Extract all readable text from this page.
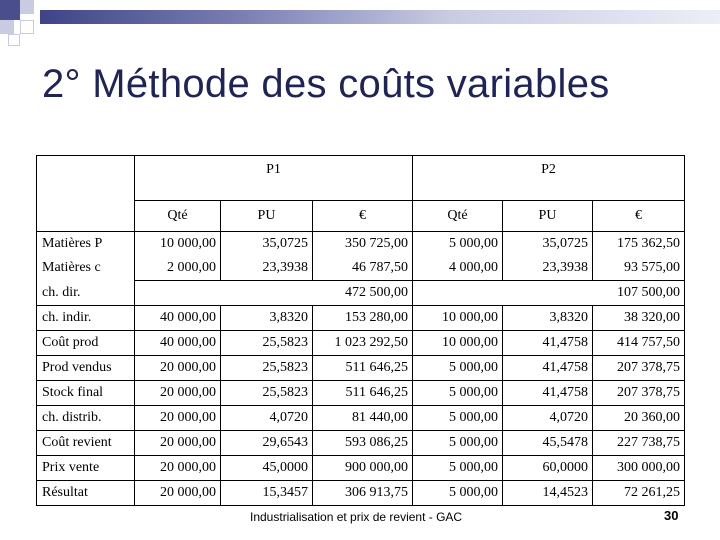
2° Méthode des coûts variables
	P1			P2		
	Qté	PU	€	Qté	PU	€
Matières P	10 000,00	35,0725	350 725,00	5 000,00	35,0725	175 362,50
Matières c	2 000,00	23,3938	46 787,50	4 000,00	23,3938	93 575,00
ch. dir.			472 500,00			107 500,00
ch. indir.	40 000,00	3,8320	153 280,00	10 000,00	3,8320	38 320,00
Coût prod	40 000,00	25,5823	1 023 292,50	10 000,00	41,4758	414 757,50
Prod vendus	20 000,00	25,5823	511 646,25	5 000,00	41,4758	207 378,75
Stock final	20 000,00	25,5823	511 646,25	5 000,00	41,4758	207 378,75
ch. distrib.	20 000,00	4,0720	81 440,00	5 000,00	4,0720	20 360,00
Coût revient	20 000,00	29,6543	593 086,25	5 000,00	45,5478	227 738,75
Prix vente	20 000,00	45,0000	900 000,00	5 000,00	60,0000	300 000,00
Résultat	20 000,00	15,3457	306 913,75	5 000,00	14,4523	72 261,25
Industrialisation et prix de revient - GAC	30
